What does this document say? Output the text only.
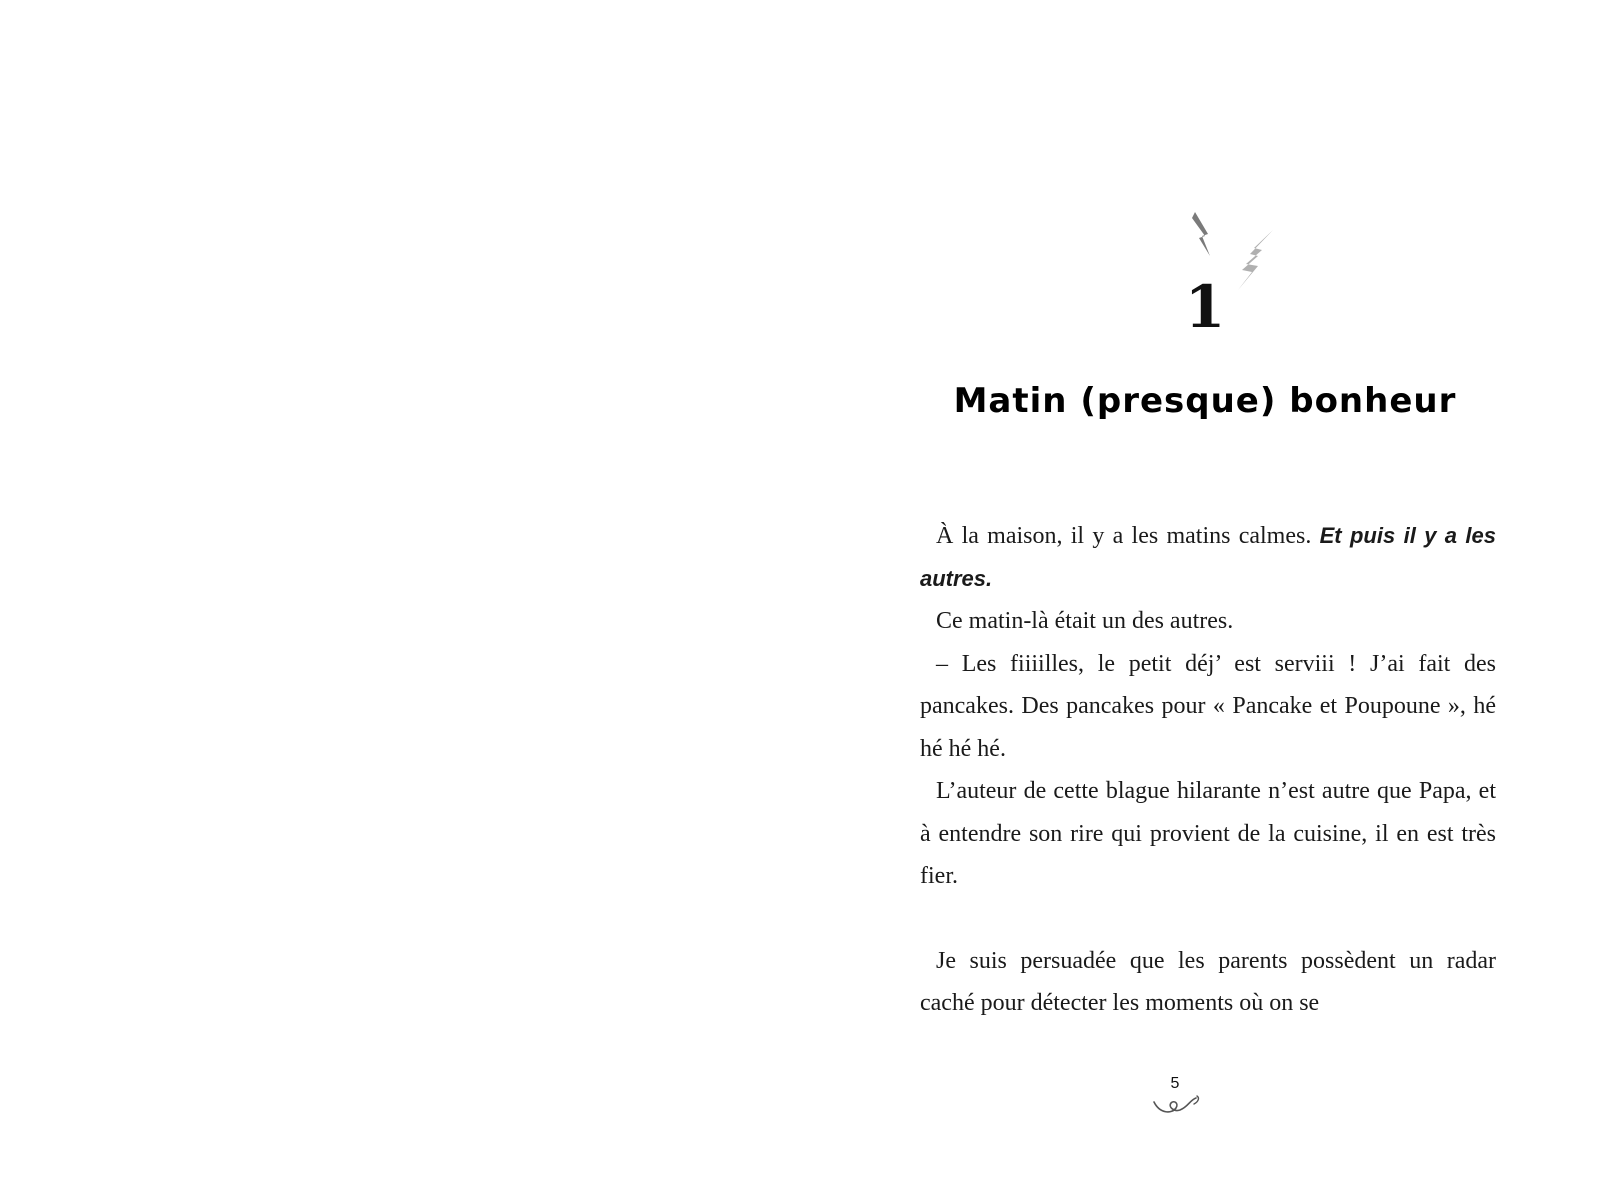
1
Matin (presque) bonheur

À la maison, il y a les matins calmes. Et puis il y a les autres.

Ce matin-là était un des autres.

– Les fiiiilles, le petit déj’ est serviii ! J’ai fait des pancakes. Des pancakes pour « Pancake et Poupoune », hé hé hé hé.

L’auteur de cette blague hilarante n’est autre que Papa, et à entendre son rire qui provient de la cuisine, il en est très fier.

Je suis persuadée que les parents possèdent un radar caché pour détecter les moments où on se

5
